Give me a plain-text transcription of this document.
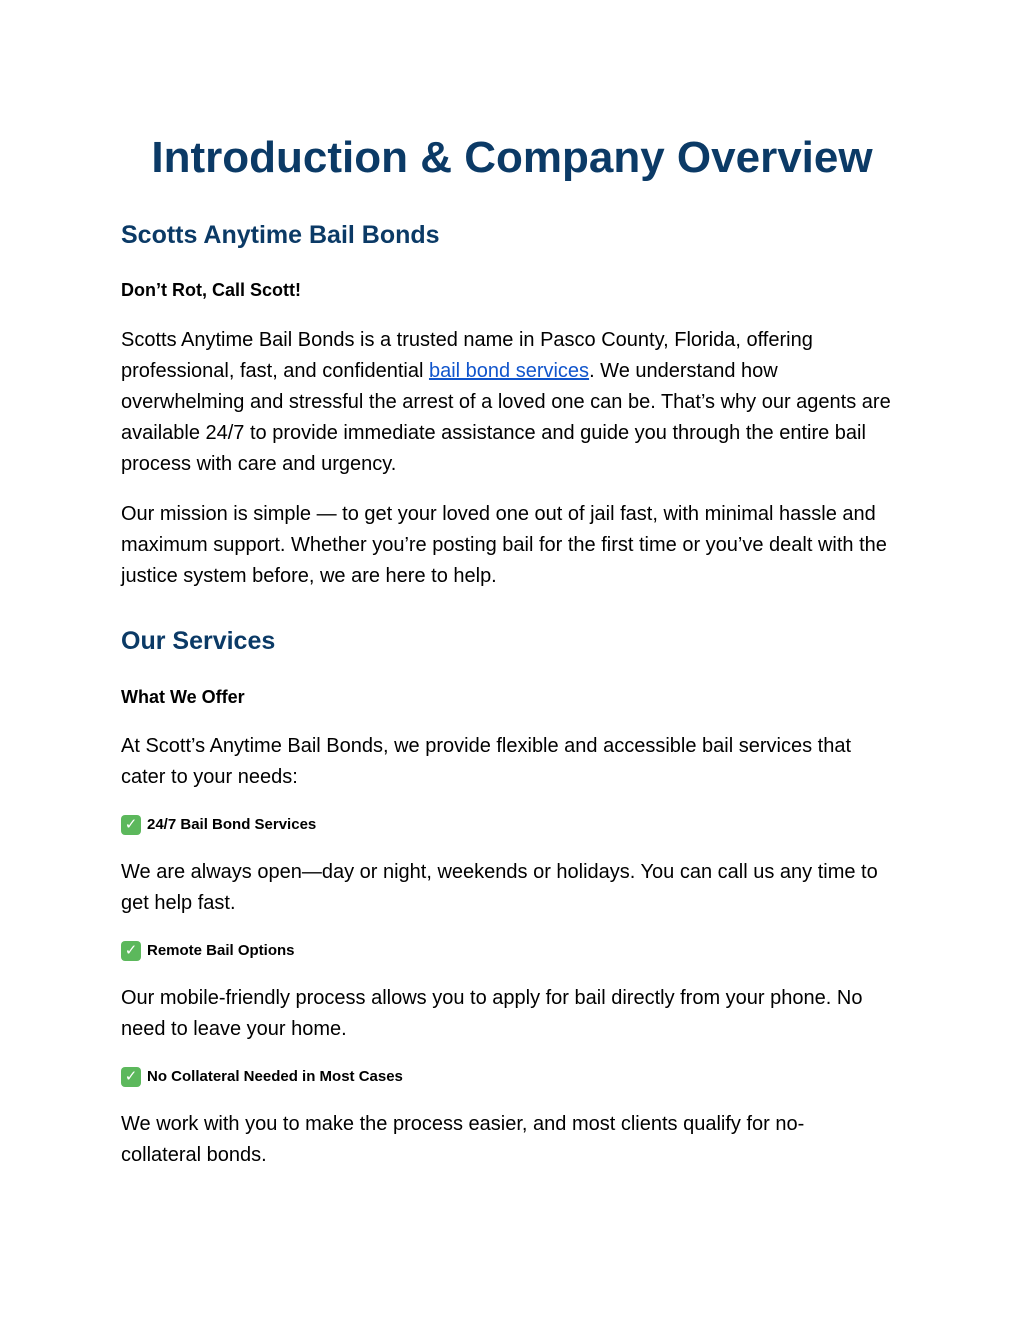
Introduction & Company Overview
Scotts Anytime Bail Bonds
Don’t Rot, Call Scott!

Scotts Anytime Bail Bonds is a trusted name in Pasco County, Florida, offering professional, fast, and confidential bail bond services. We understand how overwhelming and stressful the arrest of a loved one can be. That’s why our agents are available 24/7 to provide immediate assistance and guide you through the entire bail process with care and urgency.

Our mission is simple — to get your loved one out of jail fast, with minimal hassle and maximum support. Whether you’re posting bail for the first time or you’ve dealt with the justice system before, we are here to help.

Our Services
What We Offer

At Scott’s Anytime Bail Bonds, we provide flexible and accessible bail services that cater to your needs:

✓ 24/7 Bail Bond Services

We are always open—day or night, weekends or holidays. You can call us any time to get help fast.

✓ Remote Bail Options

Our mobile-friendly process allows you to apply for bail directly from your phone. No need to leave your home.

✓ No Collateral Needed in Most Cases

We work with you to make the process easier, and most clients qualify for no-collateral bonds.
